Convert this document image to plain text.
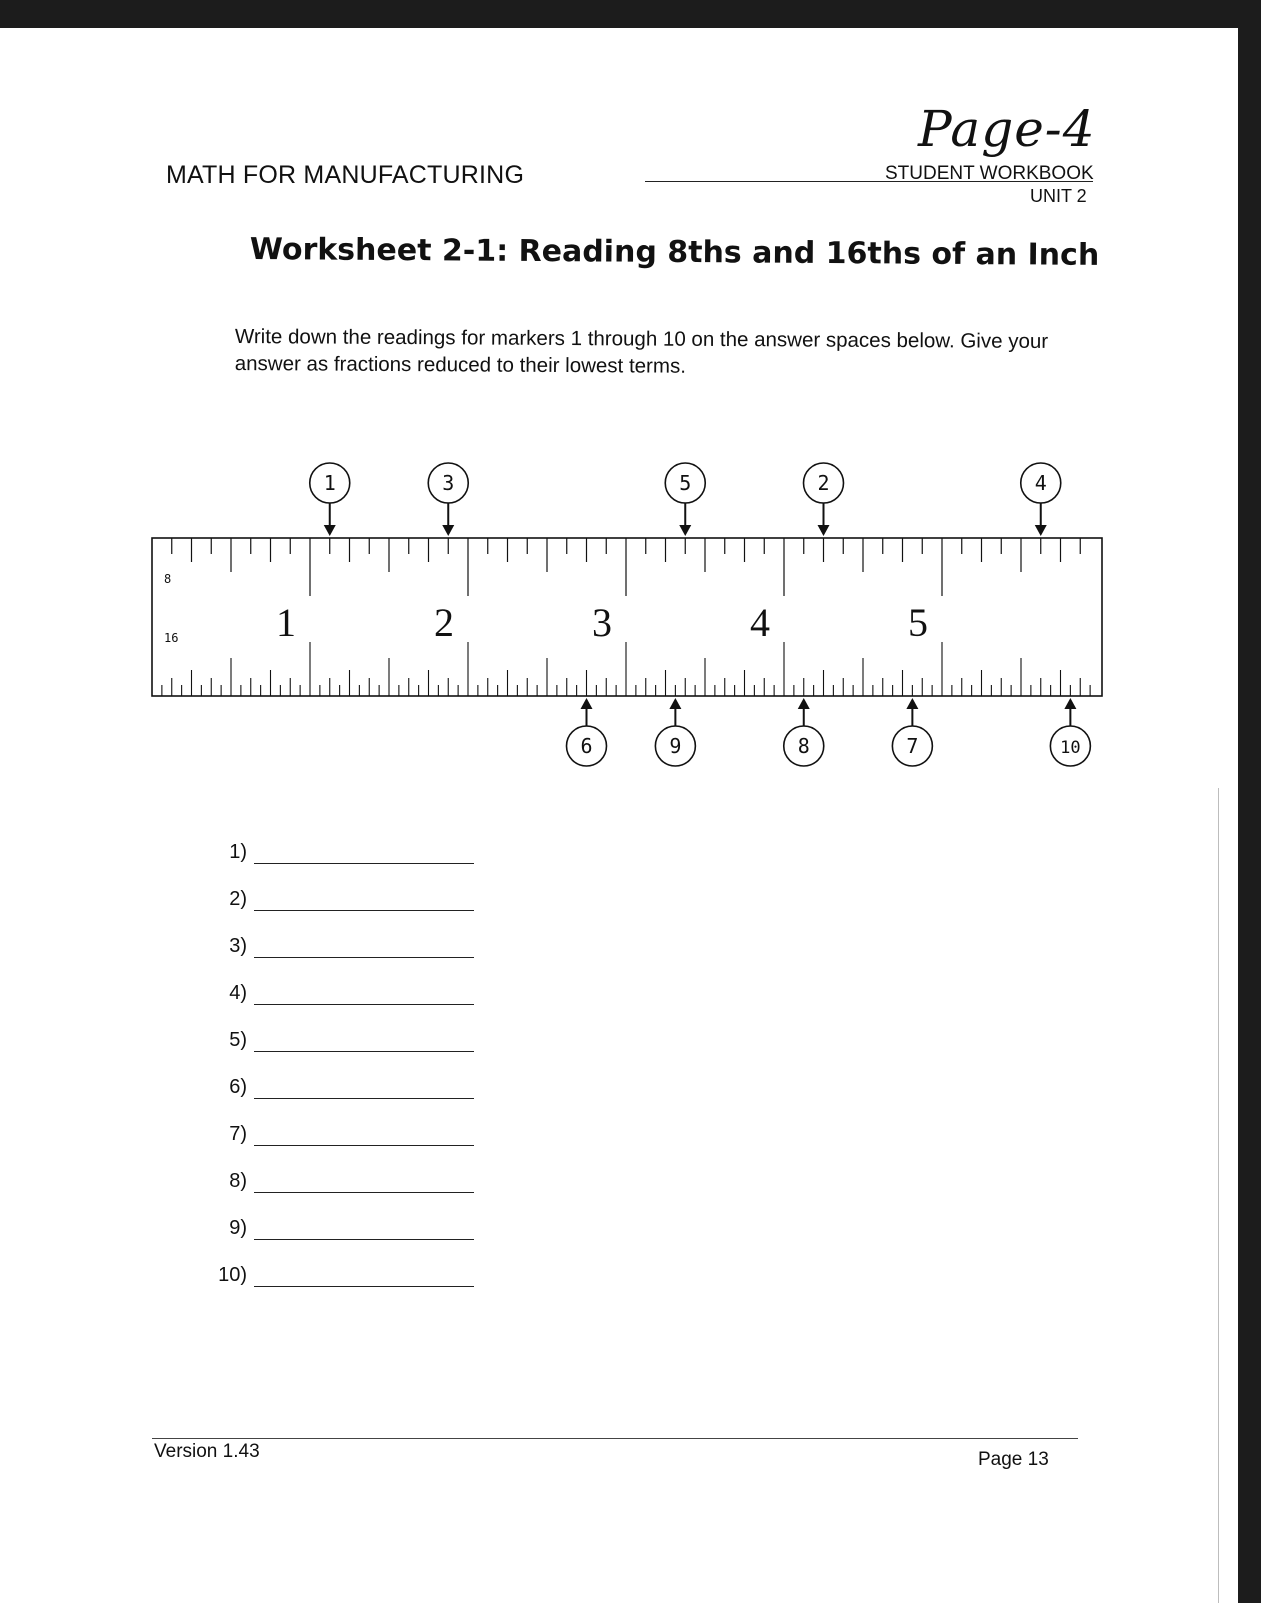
MATH FOR MANUFACTURING
Page-4
STUDENT WORKBOOK
UNIT 2
Worksheet 2-1: Reading 8ths and 16ths of an Inch
Write down the readings for markers 1 through 10 on the answer spaces below. Give your answer as fractions reduced to their lowest terms.
1	2	3	4	5
8
16
1	3	5	2	4
6	9	8	7	10
1)
2)
3)
4)
5)
6)
7)
8)
9)
10)
Version 1.43	Page 13
